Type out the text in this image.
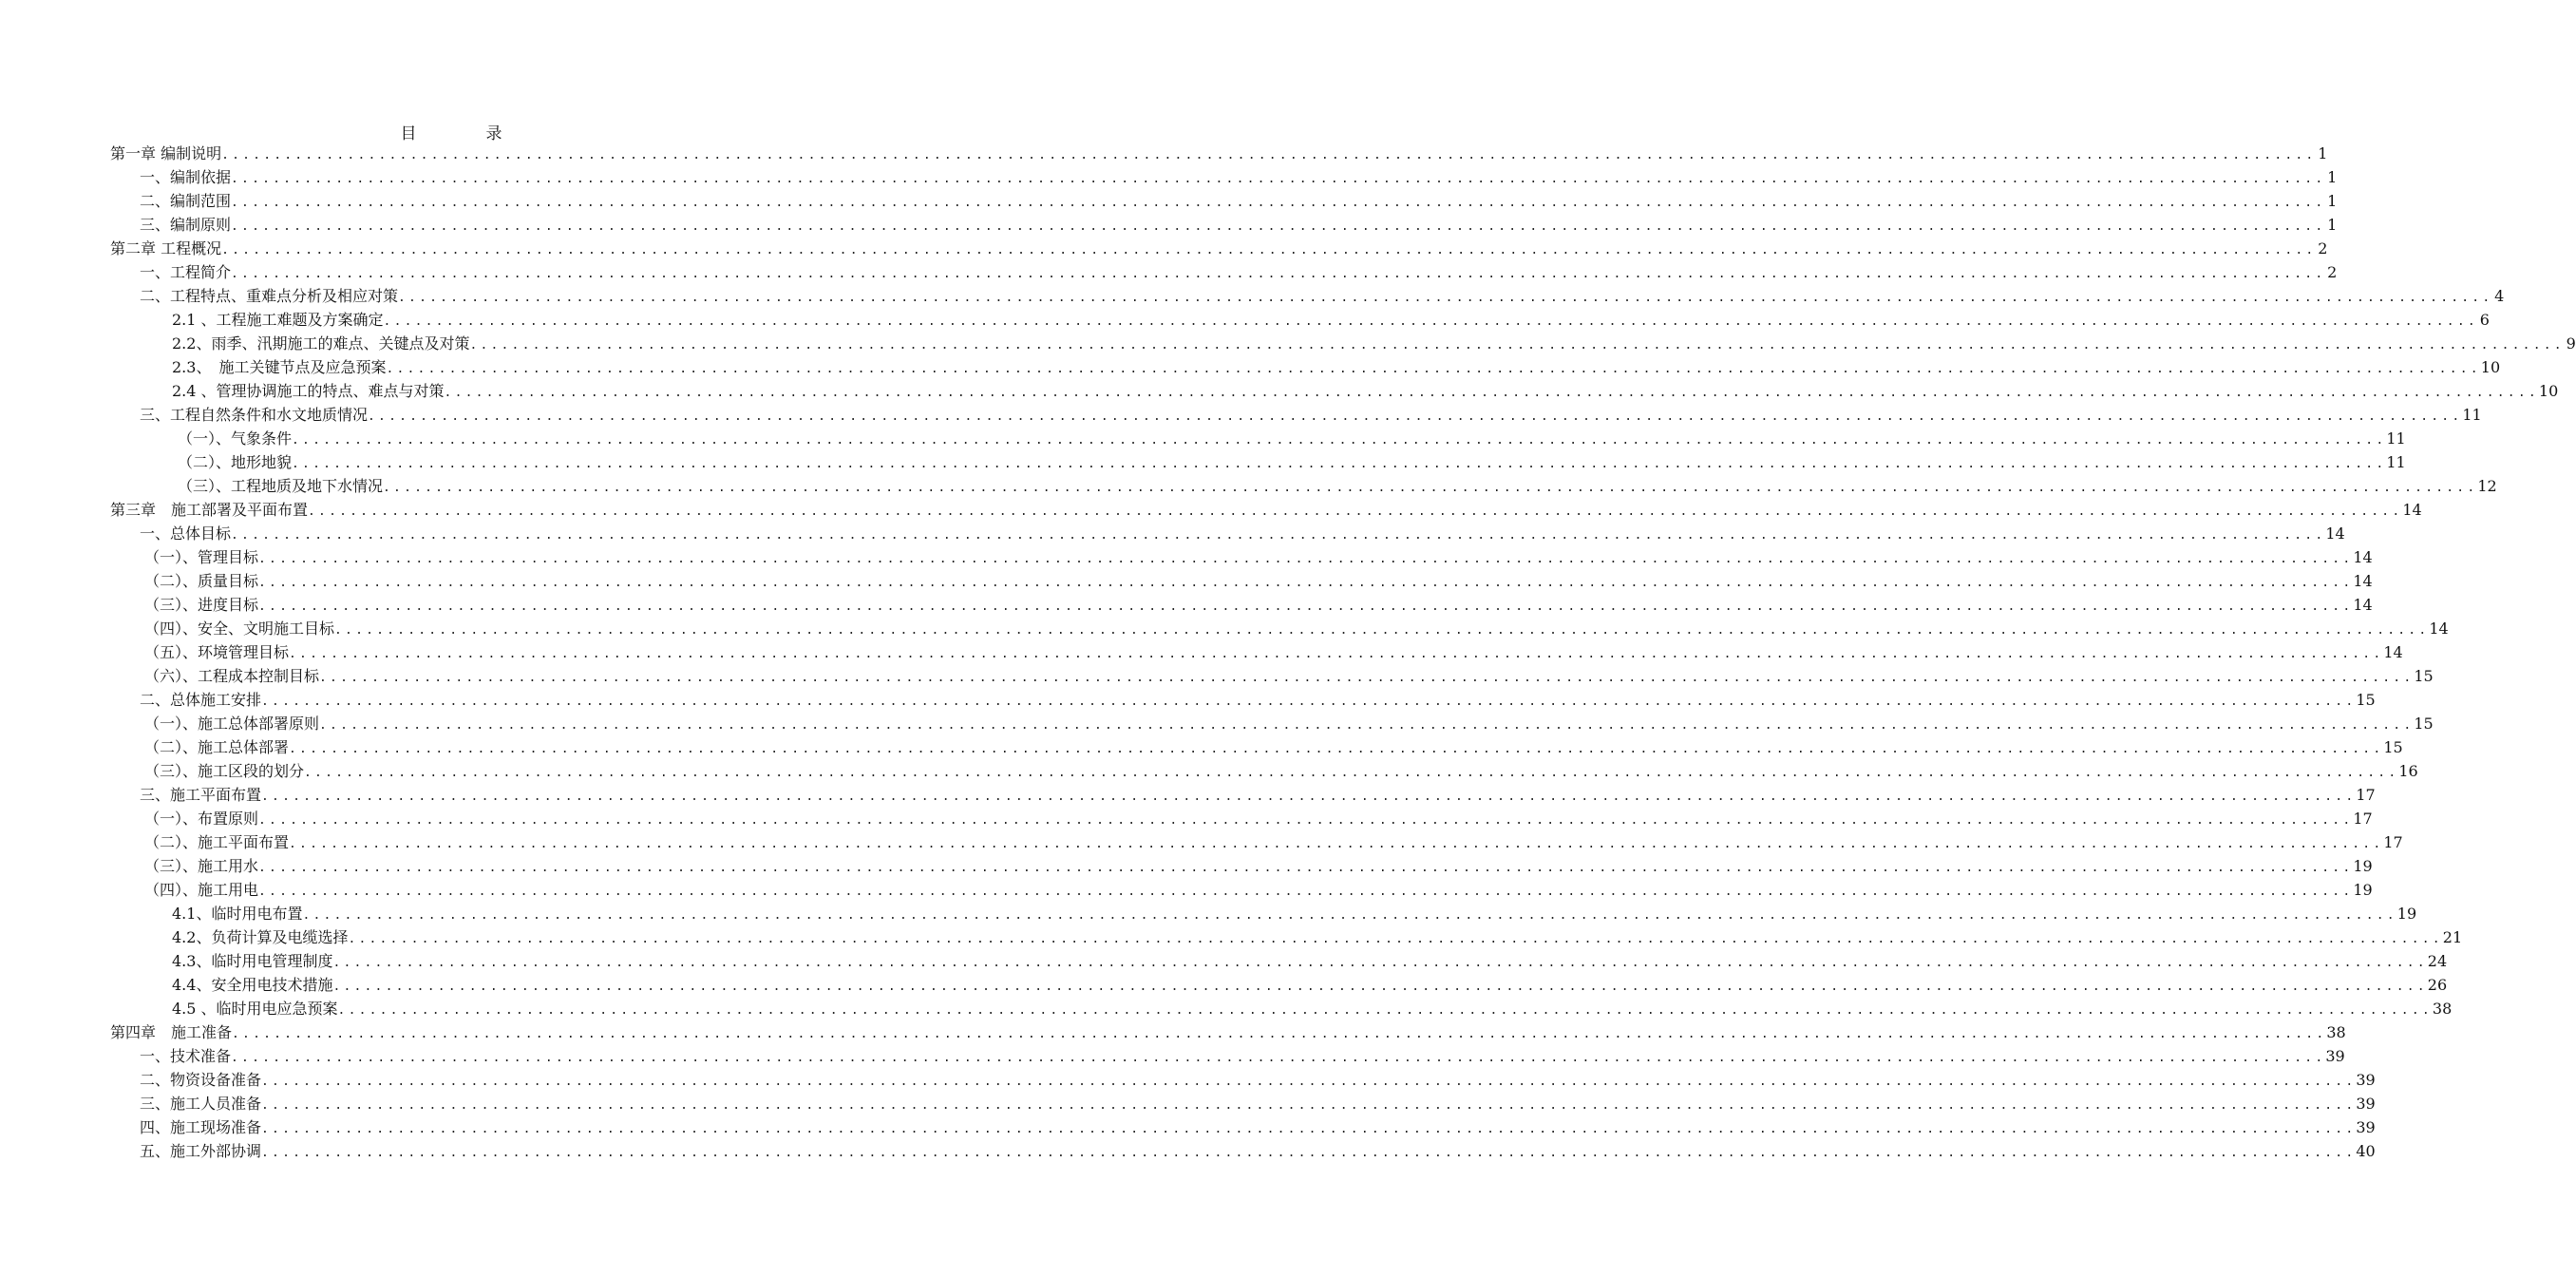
目　录
第一章 编制说明 ........................................................................................................................................................................................................ 1
一、编制依据 ........................................................................................................................................................................................................ 1
二、编制范围 ........................................................................................................................................................................................................ 1
三、编制原则 ........................................................................................................................................................................................................ 1
第二章 工程概况 ........................................................................................................................................................................................................ 2
一、工程简介 ........................................................................................................................................................................................................ 2
二、工程特点、重难点分析及相应对策 ........................................................................................................................................................................................................ 4
2.1 、工程施工难题及方案确定 ........................................................................................................................................................................................................ 6
2.2、雨季、汛期施工的难点、关键点及对策 ........................................................................................................................................................................................................ 9
2.3、　施工关键节点及应急预案 ........................................................................................................................................................................................................ 10
2.4 、管理协调施工的特点、难点与对策 ........................................................................................................................................................................................................ 10
三、工程自然条件和水文地质情况 ........................................................................................................................................................................................................ 11
（一）、气象条件 ........................................................................................................................................................................................................ 11
（二）、地形地貌 ........................................................................................................................................................................................................ 11
（三）、工程地质及地下水情况 ........................................................................................................................................................................................................ 12
第三章　施工部署及平面布置 ........................................................................................................................................................................................................ 14
一、总体目标 ........................................................................................................................................................................................................ 14
（一）、管理目标 ........................................................................................................................................................................................................ 14
（二）、质量目标 ........................................................................................................................................................................................................ 14
（三）、进度目标 ........................................................................................................................................................................................................ 14
（四）、安全、文明施工目标 ........................................................................................................................................................................................................ 14
（五）、环境管理目标 ........................................................................................................................................................................................................ 14
（六）、工程成本控制目标 ........................................................................................................................................................................................................ 15
二、总体施工安排 ........................................................................................................................................................................................................ 15
（一）、施工总体部署原则 ........................................................................................................................................................................................................ 15
（二）、施工总体部署 ........................................................................................................................................................................................................ 15
（三）、施工区段的划分 ........................................................................................................................................................................................................ 16
三、施工平面布置 ........................................................................................................................................................................................................ 17
（一）、布置原则 ........................................................................................................................................................................................................ 17
（二）、施工平面布置 ........................................................................................................................................................................................................ 17
（三）、施工用水 ........................................................................................................................................................................................................ 19
（四）、施工用电 ........................................................................................................................................................................................................ 19
4.1、临时用电布置 ........................................................................................................................................................................................................ 19
4.2、负荷计算及电缆选择 ........................................................................................................................................................................................................ 21
4.3、临时用电管理制度 ........................................................................................................................................................................................................ 24
4.4、安全用电技术措施 ........................................................................................................................................................................................................ 26
4.5 、临时用电应急预案 ........................................................................................................................................................................................................ 38
第四章　施工准备 ........................................................................................................................................................................................................ 38
一、技术准备 ........................................................................................................................................................................................................ 39
二、物资设备准备 ........................................................................................................................................................................................................ 39
三、施工人员准备 ........................................................................................................................................................................................................ 39
四、施工现场准备 ........................................................................................................................................................................................................ 39
五、施工外部协调 ........................................................................................................................................................................................................ 40
